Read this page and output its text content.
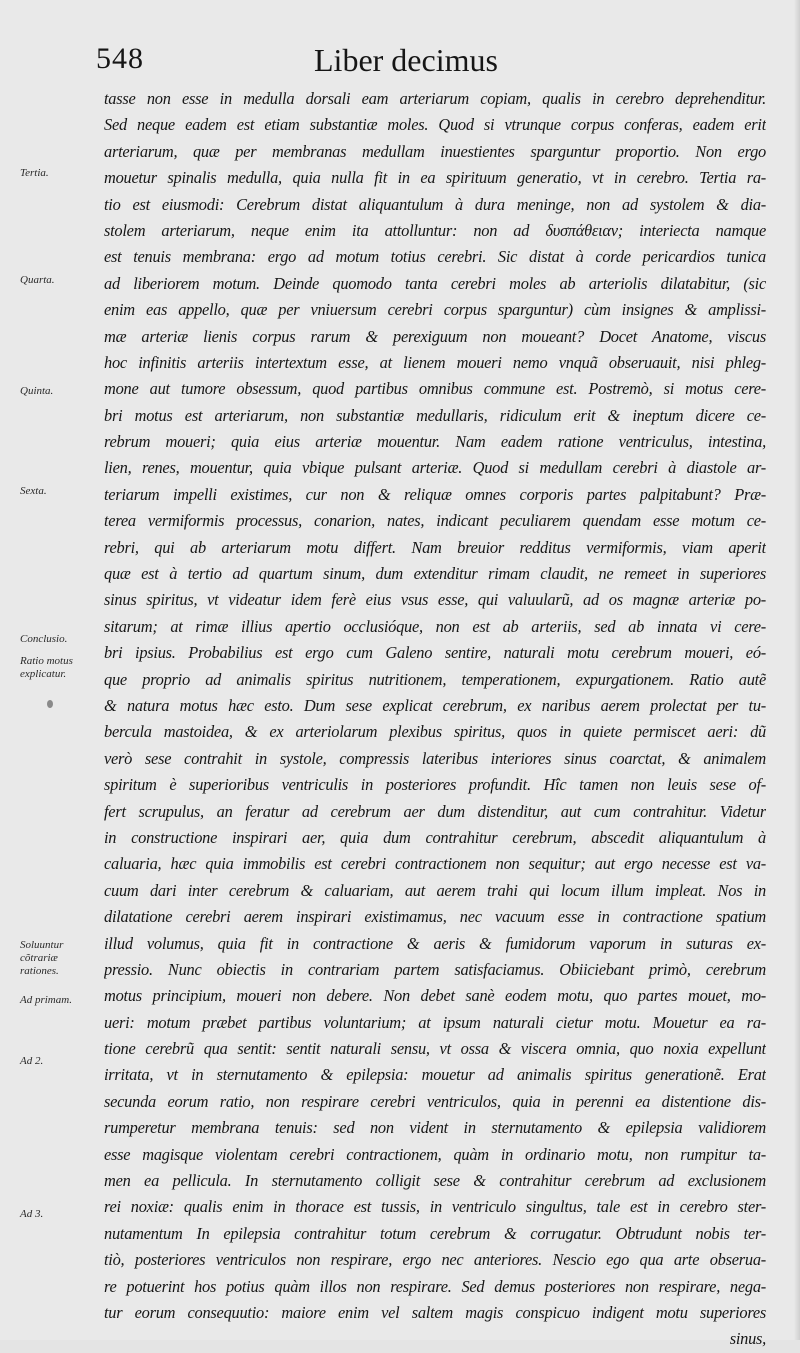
548	Liber decimus
tasse non esse in medulla dorsali eam arteriarum copiam, qualis in cerebro deprehenditur.
Sed neque eadem est etiam substantiæ moles. Quod si vtrunque corpus conferas, eadem erit
arteriarum, quæ per membranas medullam inuestientes sparguntur proportio. Non ergo
mouetur spinalis medulla, quia nulla fit in ea spirituum generatio, vt in cerebro. Tertia ra-
tio est eiusmodi: Cerebrum distat aliquantulum à dura meninge, non ad systolem & dia-
stolem arteriarum, neque enim ita attolluntur: non ad δυσπάθειαν; interiecta namque
est tenuis membrana: ergo ad motum totius cerebri. Sic distat à corde pericardios tunica
ad liberiorem motum. Deinde quomodo tanta cerebri moles ab arteriolis dilatabitur, (sic
enim eas appello, quæ per vniuersum cerebri corpus sparguntur) cùm insignes & amplissi-
mæ arteriæ lienis corpus rarum & perexiguum non moueant? Docet Anatome, viscus
hoc infinitis arteriis intertextum esse, at lienem moueri nemo vnquã obseruauit, nisi phleg-
mone aut tumore obsessum, quod partibus omnibus commune est. Postremò, si motus cere-
bri motus est arteriarum, non substantiæ medullaris, ridiculum erit & ineptum dicere ce-
rebrum moueri; quia eius arteriæ mouentur. Nam eadem ratione ventriculus, intestina,
lien, renes, mouentur, quia vbique pulsant arteriæ. Quod si medullam cerebri à diastole ar-
teriarum impelli existimes, cur non & reliquæ omnes corporis partes palpitabunt? Præ-
terea vermiformis processus, conarion, nates, indicant peculiarem quendam esse motum ce-
rebri, qui ab arteriarum motu differt. Nam breuior redditus vermiformis, viam aperit
quæ est à tertio ad quartum sinum, dum extenditur rimam claudit, ne remeet in superiores
sinus spiritus, vt videatur idem ferè eius vsus esse, qui valuularũ, ad os magnæ arteriæ po-
sitarum; at rimæ illius apertio occlusióque, non est ab arteriis, sed ab innata vi cere-
bri ipsius. Probabilius est ergo cum Galeno sentire, naturali motu cerebrum moueri, eó-
que proprio ad animalis spiritus nutritionem, temperationem, expurgationem. Ratio autẽ
& natura motus hæc esto. Dum sese explicat cerebrum, ex naribus aerem prolectat per tu-
bercula mastoidea, & ex arteriolarum plexibus spiritus, quos in quiete permiscet aeri: dũ
verò sese contrahit in systole, compressis lateribus interiores sinus coarctat, & animalem
spiritum è superioribus ventriculis in posteriores profundit. Hîc tamen non leuis sese of-
fert scrupulus, an feratur ad cerebrum aer dum distenditur, aut cum contrahitur. Videtur
in constructione inspirari aer, quia dum contrahitur cerebrum, abscedit aliquantulum à
caluaria, hæc quia immobilis est cerebri contractionem non sequitur; aut ergo necesse est va-
cuum dari inter cerebrum & caluariam, aut aerem trahi qui locum illum impleat. Nos in
dilatatione cerebri aerem inspirari existimamus, nec vacuum esse in contractione spatium
illud volumus, quia fit in contractione & aeris & fumidorum vaporum in suturas ex-
pressio. Nunc obiectis in contrariam partem satisfaciamus. Obiiciebant primò, cerebrum
motus principium, moueri non debere. Non debet sanè eodem motu, quo partes mouet, mo-
ueri: motum præbet partibus voluntarium; at ipsum naturali cietur motu. Mouetur ea ra-
tione cerebrũ qua sentit: sentit naturali sensu, vt ossa & viscera omnia, quo noxia expellunt
irritata, vt in sternutamento & epilepsia: mouetur ad animalis spiritus generationẽ. Erat
secunda eorum ratio, non respirare cerebri ventriculos, quia in perenni ea distentione dis-
rumperetur membrana tenuis: sed non vident in sternutamento & epilepsia validiorem
esse magisque violentam cerebri contractionem, quàm in ordinario motu, non rumpitur ta-
men ea pellicula. In sternutamento colligit sese & contrahitur cerebrum ad exclusionem
rei noxiæ: qualis enim in thorace est tussis, in ventriculo singultus, tale est in cerebro ster-
nutamentum In epilepsia contrahitur totum cerebrum & corrugatur. Obtrudunt nobis ter-
tiò, posteriores ventriculos non respirare, ergo nec anteriores. Nescio ego qua arte obserua-
re potuerint hos potius quàm illos non respirare. Sed demus posteriores non respirare, nega-
tur eorum consequutio: maiore enim vel saltem magis conspicuo indigent motu superiores
sinus,
Tertia.
Quarta.
Quinta.
Sexta.
Conclusio.
Ratio motus explicatur.
Soluuntur cõtrariæ rationes.
Ad primam.
Ad 2.
Ad 3.
